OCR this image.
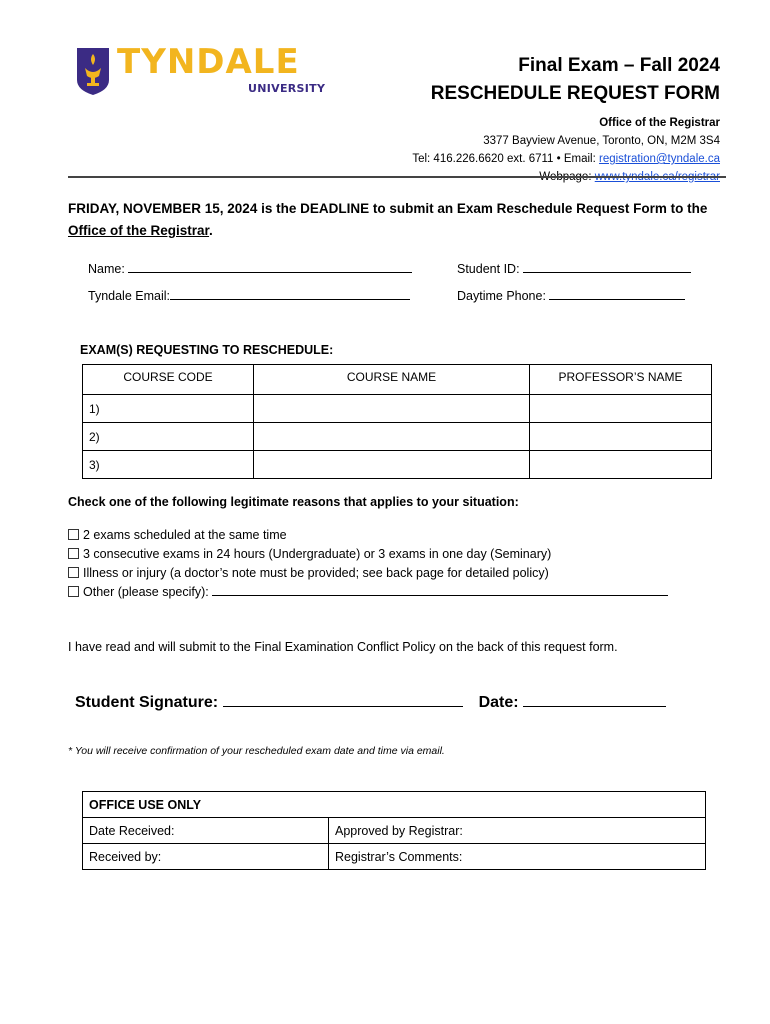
TYNDALE
UNIVERSITY
Final Exam – Fall 2024
RESCHEDULE REQUEST FORM
Office of the Registrar
3377 Bayview Avenue, Toronto, ON, M2M 3S4
Tel: 416.226.6620 ext. 6711 • Email: registration@tyndale.ca
FRIDAY, NOVEMBER 15, 2024 is the DEADLINE to submit an Exam Reschedule Request Form to the Office of the Registrar.
Name:	Student ID:
Tyndale Email:	Daytime Phone:
EXAM(S) REQUESTING TO RESCHEDULE:
COURSE CODE	COURSE NAME	PROFESSOR’S NAME
1)		
2)		
3)		
Check one of the following legitimate reasons that applies to your situation:
2 exams scheduled at the same time
3 consecutive exams in 24 hours (Undergraduate) or 3 exams in one day (Seminary)
Illness or injury (a doctor’s note must be provided; see back page for detailed policy)
Other (please specify):
I have read and will submit to the Final Examination Conflict Policy on the back of this request form.
Student Signature:	Date:
* You will receive confirmation of your rescheduled exam date and time via email.
OFFICE USE ONLY	
Date Received:	Approved by Registrar:
Received by:	Registrar’s Comments:
